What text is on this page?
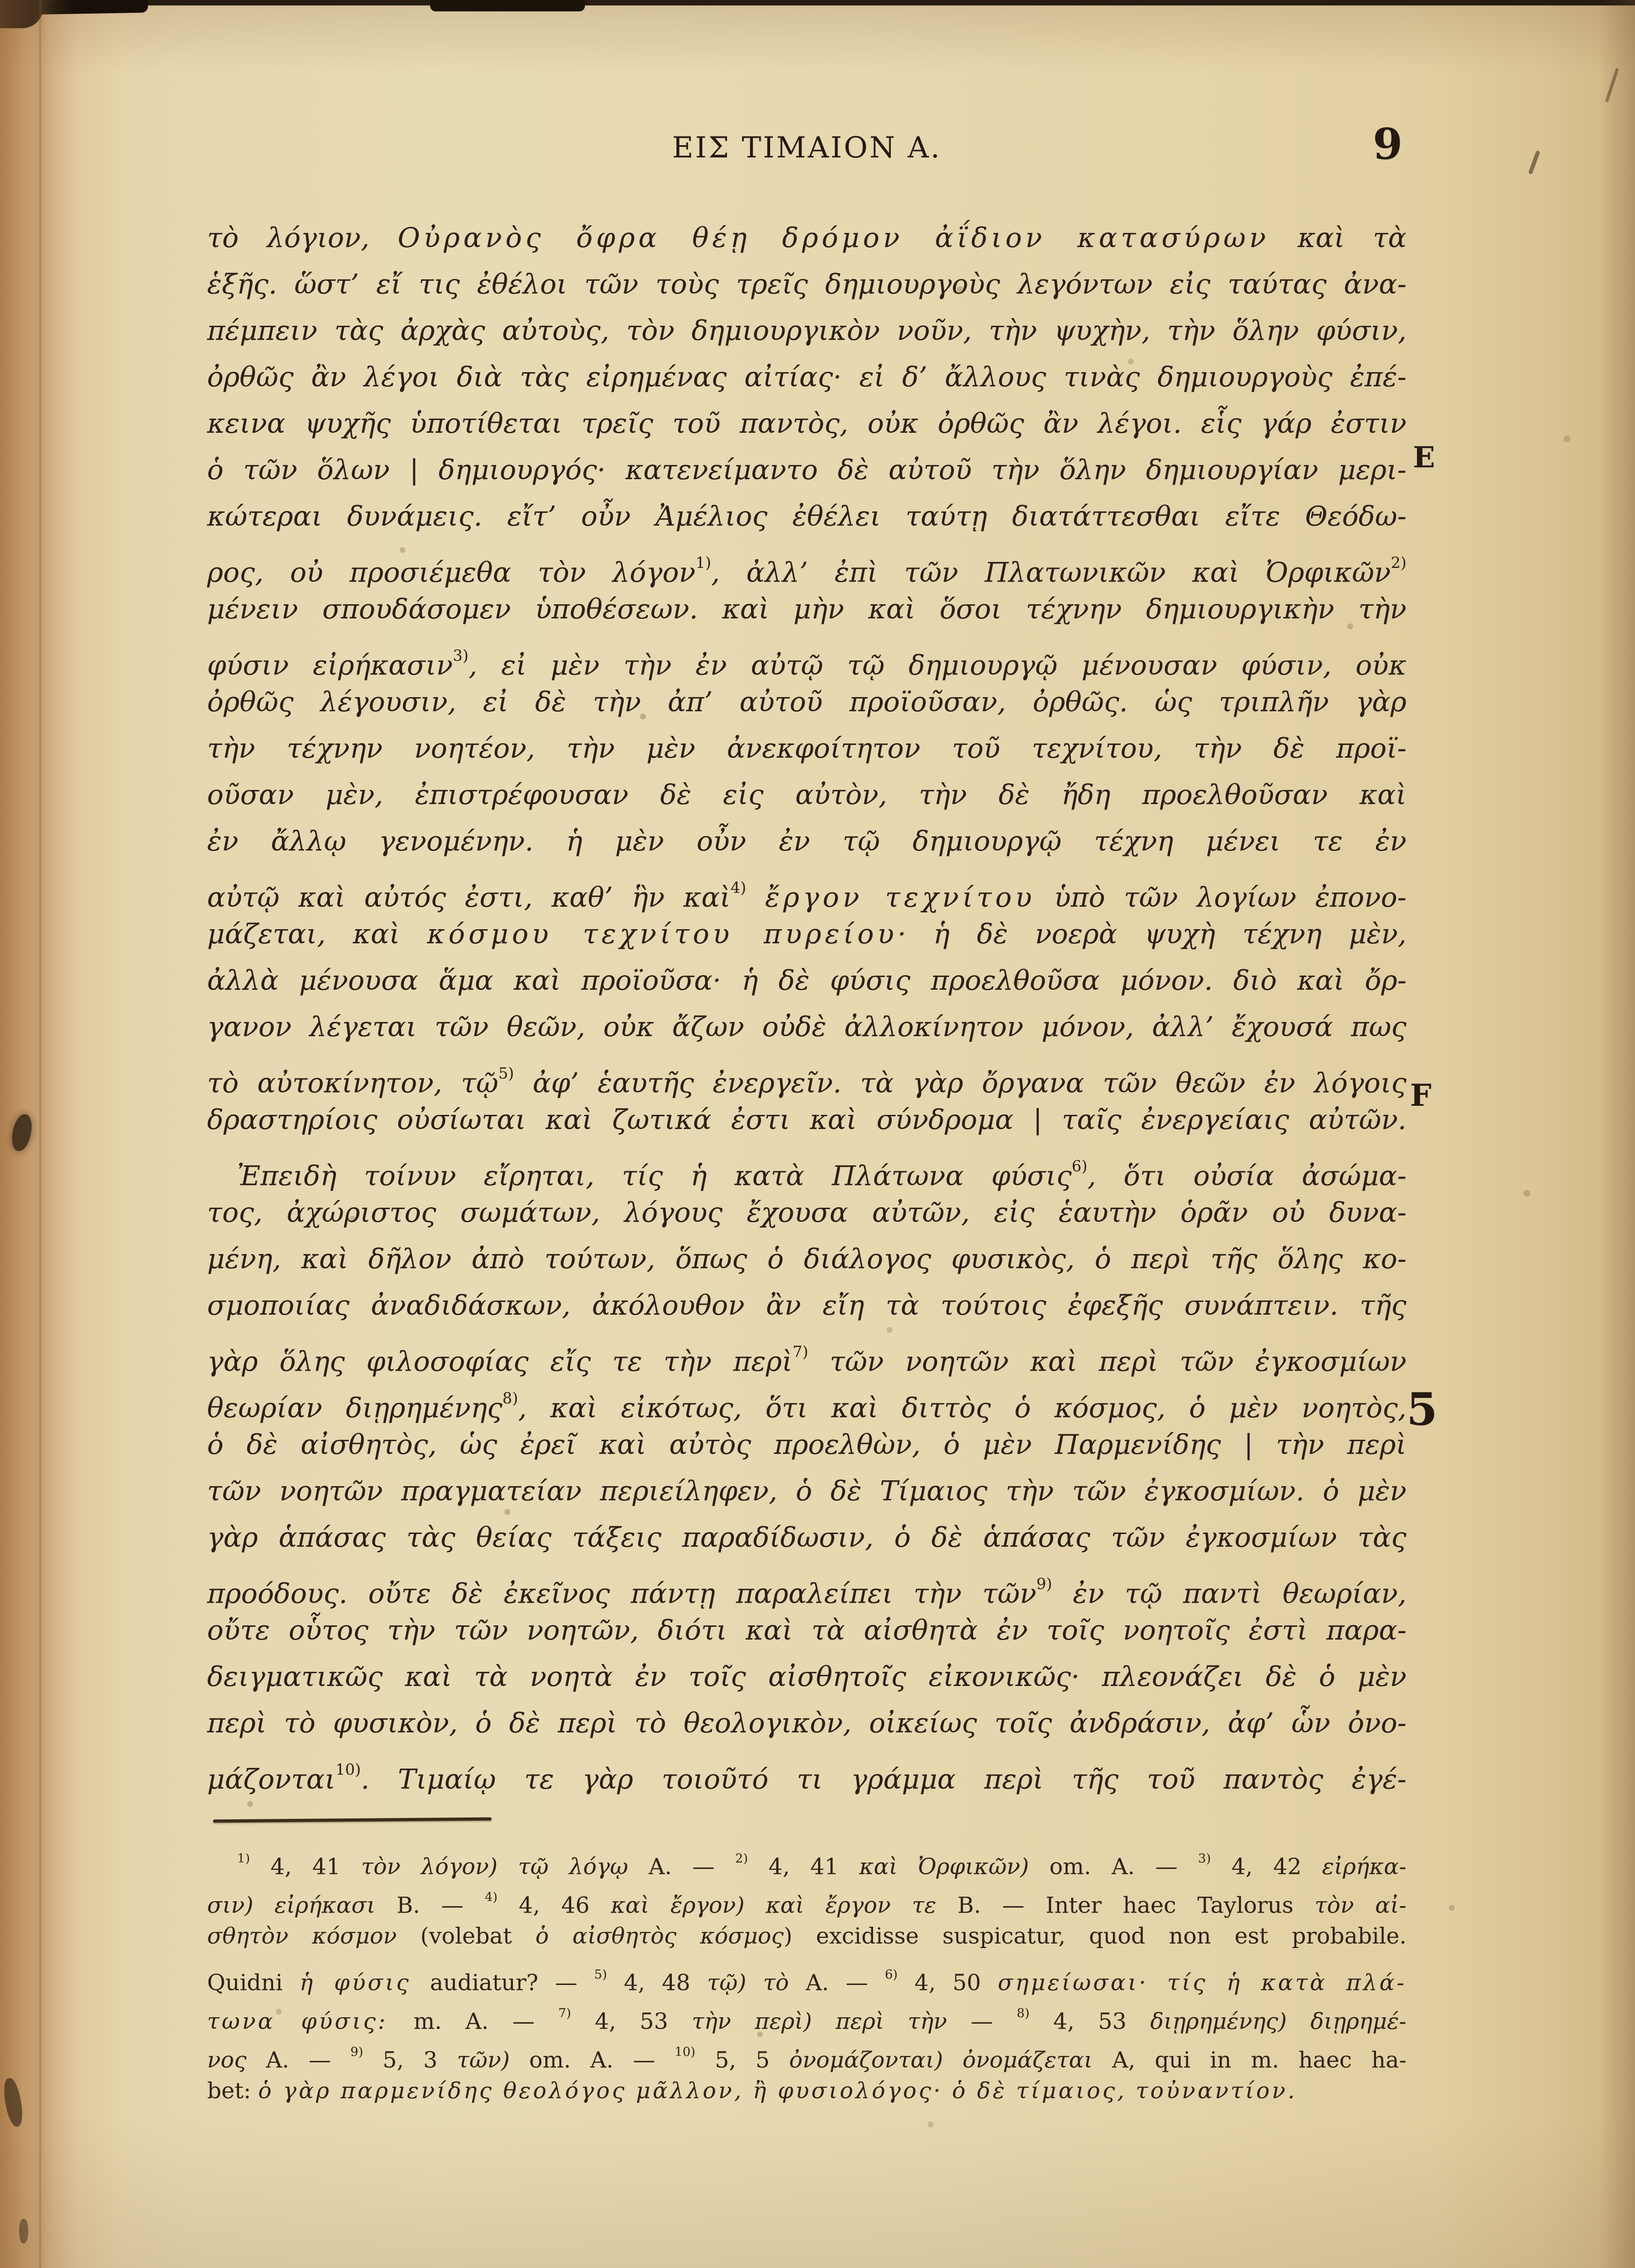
ΕΙΣ ΤΙΜΑΙΟΝ Α.	9
τὸ λόγιον, Οὐρανὸς ὄφρα θέῃ δρόμον ἀΐδιον κατασύρων καὶ τὰ
ἑξῆς. ὥστ’ εἴ τις ἐθέλοι τῶν τοὺς τρεῖς δημιουργοὺς λεγόντων εἰς ταύτας ἀνα-
πέμπειν τὰς ἀρχὰς αὐτοὺς, τὸν δημιουργικὸν νοῦν, τὴν ψυχὴν, τὴν ὅλην φύσιν,
ὀρθῶς ἂν λέγοι διὰ τὰς εἰρημένας αἰτίας· εἰ δ’ ἄλλους τινὰς δημιουργοὺς ἐπέ-
κεινα ψυχῆς ὑποτίθεται τρεῖς τοῦ παντὸς, οὐκ ὀρθῶς ἂν λέγοι. εἷς γάρ ἐστιν
ὁ τῶν ὅλων | δημιουργός· κατενείμαντο δὲ αὐτοῦ τὴν ὅλην δημιουργίαν μερι-
κώτεραι δυνάμεις. εἴτ’ οὖν Ἀμέλιος ἐθέλει ταύτῃ διατάττεσθαι εἴτε Θεόδω-
ρος, οὐ προσιέμεθα τὸν λόγον$^{1)}$, ἀλλ’ ἐπὶ τῶν Πλατωνικῶν καὶ Ὀρφικῶν$^{2)}$
μένειν σπουδάσομεν ὑποθέσεων. καὶ μὴν καὶ ὅσοι τέχνην δημιουργικὴν τὴν
φύσιν εἰρήκασιν$^{3)}$, εἰ μὲν τὴν ἐν αὐτῷ τῷ δημιουργῷ μένουσαν φύσιν, οὐκ
ὀρθῶς λέγουσιν, εἰ δὲ τὴν ἀπ’ αὐτοῦ προϊοῦσαν, ὀρθῶς. ὡς τριπλῆν γὰρ
τὴν τέχνην νοητέον, τὴν μὲν ἀνεκφοίτητον τοῦ τεχνίτου, τὴν δὲ προϊ-
οῦσαν μὲν, ἐπιστρέφουσαν δὲ εἰς αὐτὸν, τὴν δὲ ἤδη προελθοῦσαν καὶ
ἐν ἄλλῳ γενομένην. ἡ μὲν οὖν ἐν τῷ δημιουργῷ τέχνη μένει τε ἐν
αὐτῷ καὶ αὐτός ἐστι, καθ’ ἣν καὶ$^{4)}$ ἔργον τεχνίτου ὑπὸ τῶν λογίων ἐπονο-
μάζεται, καὶ κόσμου τεχνίτου πυρείου· ἡ δὲ νοερὰ ψυχὴ τέχνη μὲν,
ἀλλὰ μένουσα ἅμα καὶ προϊοῦσα· ἡ δὲ φύσις προελθοῦσα μόνον. διὸ καὶ ὄρ-
γανον λέγεται τῶν θεῶν, οὐκ ἄζων οὐδὲ ἀλλοκίνητον μόνον, ἀλλ’ ἔχουσά πως
τὸ αὐτοκίνητον, τῷ$^{5)}$ ἀφ’ ἑαυτῆς ἐνεργεῖν. τὰ γὰρ ὄργανα τῶν θεῶν ἐν λόγοις
δραστηρίοις οὐσίωται καὶ ζωτικά ἐστι καὶ σύνδρομα | ταῖς ἐνεργείαις αὐτῶν.
Ἐπειδὴ τοίνυν εἴρηται, τίς ἡ κατὰ Πλάτωνα φύσις$^{6)}$, ὅτι οὐσία ἀσώμα-
τος, ἀχώριστος σωμάτων, λόγους ἔχουσα αὐτῶν, εἰς ἑαυτὴν ὁρᾶν οὐ δυνα-
μένη, καὶ δῆλον ἀπὸ τούτων, ὅπως ὁ διάλογος φυσικὸς, ὁ περὶ τῆς ὅλης κο-
σμοποιίας ἀναδιδάσκων, ἀκόλουθον ἂν εἴη τὰ τούτοις ἐφεξῆς συνάπτειν. τῆς
γὰρ ὅλης φιλοσοφίας εἴς τε τὴν περὶ$^{7)}$ τῶν νοητῶν καὶ περὶ τῶν ἐγκοσμίων
θεωρίαν διῃρημένης$^{8)}$, καὶ εἰκότως, ὅτι καὶ διττὸς ὁ κόσμος, ὁ μὲν νοητὸς,
ὁ δὲ αἰσθητὸς, ὡς ἐρεῖ καὶ αὐτὸς προελθὼν, ὁ μὲν Παρμενίδης | τὴν περὶ
τῶν νοητῶν πραγματείαν περιείληφεν, ὁ δὲ Τίμαιος τὴν τῶν ἐγκοσμίων. ὁ μὲν
γὰρ ἁπάσας τὰς θείας τάξεις παραδίδωσιν, ὁ δὲ ἁπάσας τῶν ἐγκοσμίων τὰς
προόδους. οὔτε δὲ ἐκεῖνος πάντῃ παραλείπει τὴν τῶν$^{9)}$ ἐν τῷ παντὶ θεωρίαν,
οὔτε οὗτος τὴν τῶν νοητῶν, διότι καὶ τὰ αἰσθητὰ ἐν τοῖς νοητοῖς ἐστὶ παρα-
δειγματικῶς καὶ τὰ νοητὰ ἐν τοῖς αἰσθητοῖς εἰκονικῶς· πλεονάζει δὲ ὁ μὲν
περὶ τὸ φυσικὸν, ὁ δὲ περὶ τὸ θεολογικὸν, οἰκείως τοῖς ἀνδράσιν, ἀφ’ ὧν ὀνο-
μάζονται$^{10)}$. Τιμαίῳ τε γὰρ τοιοῦτό τι γράμμα περὶ τῆς τοῦ παντὸς ἐγέ-
$^{1)}$ 4, 41 τὸν λόγον) τῷ λόγῳ A. — $^{2)}$ 4, 41 καὶ Ὀρφικῶν) om. A. — $^{3)}$ 4, 42 εἰρήκα-
σιν) εἰρήκασι B. — $^{4)}$ 4, 46 καὶ ἔργον) καὶ ἔργον τε B. — Inter haec Taylorus τὸν αἰ-
σθητὸν κόσμον (volebat ὁ αἰσθητὸς κόσμος) excidisse suspicatur, quod non est probabile.
Quidni ἡ φύσις audiatur? — $^{5)}$ 4, 48 τῷ) τὸ A. — $^{6)}$ 4, 50 σημείωσαι· τίς ἡ κατὰ πλά-
τωνα φύσις: m. A. — $^{7)}$ 4, 53 τὴν περὶ) περὶ τὴν — $^{8)}$ 4, 53 διῃρημένης) διῃρημέ-
νος A. — $^{9)}$ 5, 3 τῶν) om. A. — $^{10)}$ 5, 5 ὀνομάζονται) ὀνομάζεται A, qui in m. haec ha-
bet: ὁ γὰρ παρμενίδης θεολόγος μᾶλλον, ἢ φυσιολόγος· ὁ δὲ τίμαιος, τοὐναντίον.
E
F
5
